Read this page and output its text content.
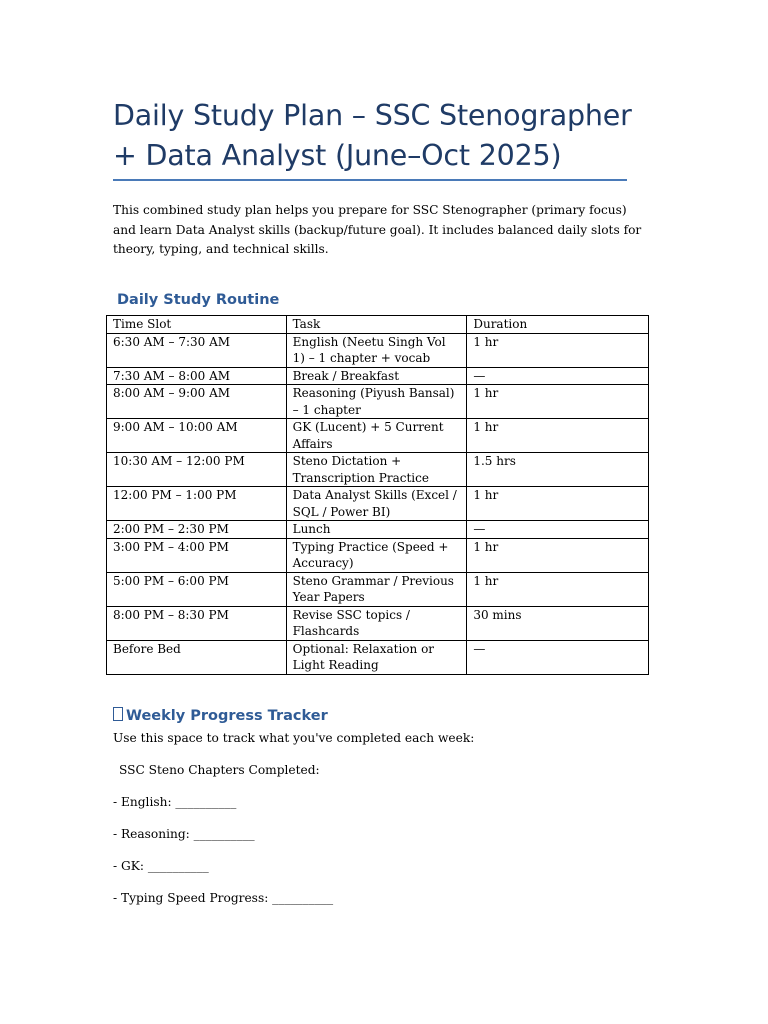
Daily Study Plan – SSC Stenographer + Data Analyst (June–Oct 2025)

This combined study plan helps you prepare for SSC Stenographer (primary focus) and learn Data Analyst skills (backup/future goal). It includes balanced daily slots for theory, typing, and technical skills.

Daily Study Routine
Time Slot	Task	Duration
6:30 AM – 7:30 AM	English (Neetu Singh Vol 1) – 1 chapter + vocab	1 hr
7:30 AM – 8:00 AM	Break / Breakfast	—
8:00 AM – 9:00 AM	Reasoning (Piyush Bansal) – 1 chapter	1 hr
9:00 AM – 10:00 AM	GK (Lucent) + 5 Current Affairs	1 hr
10:30 AM – 12:00 PM	Steno Dictation + Transcription Practice	1.5 hrs
12:00 PM – 1:00 PM	Data Analyst Skills (Excel / SQL / Power BI)	1 hr
2:00 PM – 2:30 PM	Lunch	—
3:00 PM – 4:00 PM	Typing Practice (Speed + Accuracy)	1 hr
5:00 PM – 6:00 PM	Steno Grammar / Previous Year Papers	1 hr
8:00 PM – 8:30 PM	Revise SSC topics / Flashcards	30 mins
Before Bed	Optional: Relaxation or Light Reading	—
Weekly Progress Tracker

Use this space to track what you've completed each week:

SSC Steno Chapters Completed:

- English: __________

- Reasoning: __________

- GK: __________

- Typing Speed Progress: __________
